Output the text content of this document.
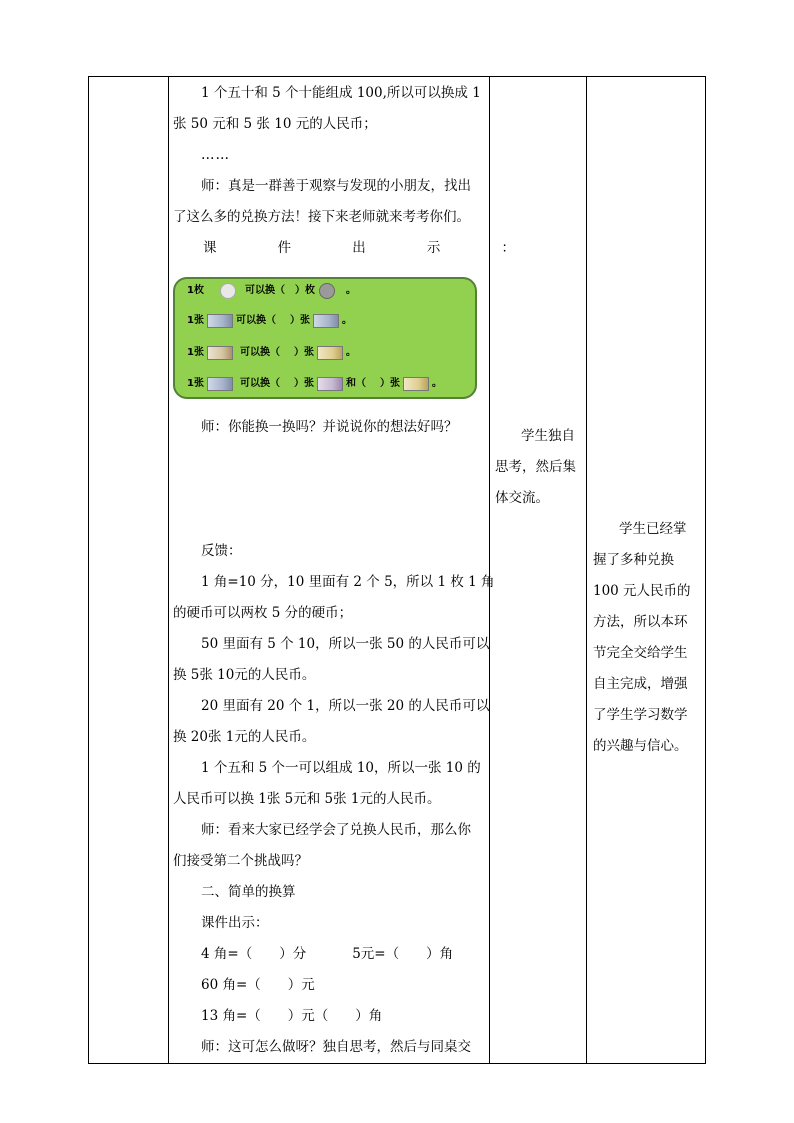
1 个五十和 5 个十能组成 100,所以可以换成 1
张 50 元和 5 张 10 元的人民币；
……
师：真是一群善于观察与发现的小朋友，找出
了这么多的兑换方法！接下来老师就来考考你们。
课	件	出	示	：
1枚	可以换（ ）枚	。
1张	可以换（ ）张	。
1张	可以换（ ）张	。
1张	可以换（ ）张	和（ ）张	。
师：你能换一换吗？并说说你的想法好吗？
反馈：
1 角=10 分，10 里面有 2 个 5，所以 1 枚 1 角
的硬币可以两枚 5 分的硬币；
50 里面有 5 个 10，所以一张 50 的人民币可以
换 5张 10元的人民币。
20 里面有 20 个 1，所以一张 20 的人民币可以
换 20张 1元的人民币。
1 个五和 5 个一可以组成 10，所以一张 10 的
人民币可以换 1张 5元和 5张 1元的人民币。
师：看来大家已经学会了兑换人民币，那么你
们接受第二个挑战吗？
二、简单的换算
课件出示：
4 角=（　　）分	5元=（　　）角
60 角=（　　）元
13 角=（　　）元（　　）角
师：这可怎么做呀？独自思考，然后与同桌交
学生独自
思考，然后集
体交流。
学生已经掌
握了多种兑换
100 元人民币的
方法，所以本环
节完全交给学生
自主完成，增强
了学生学习数学
的兴趣与信心。
